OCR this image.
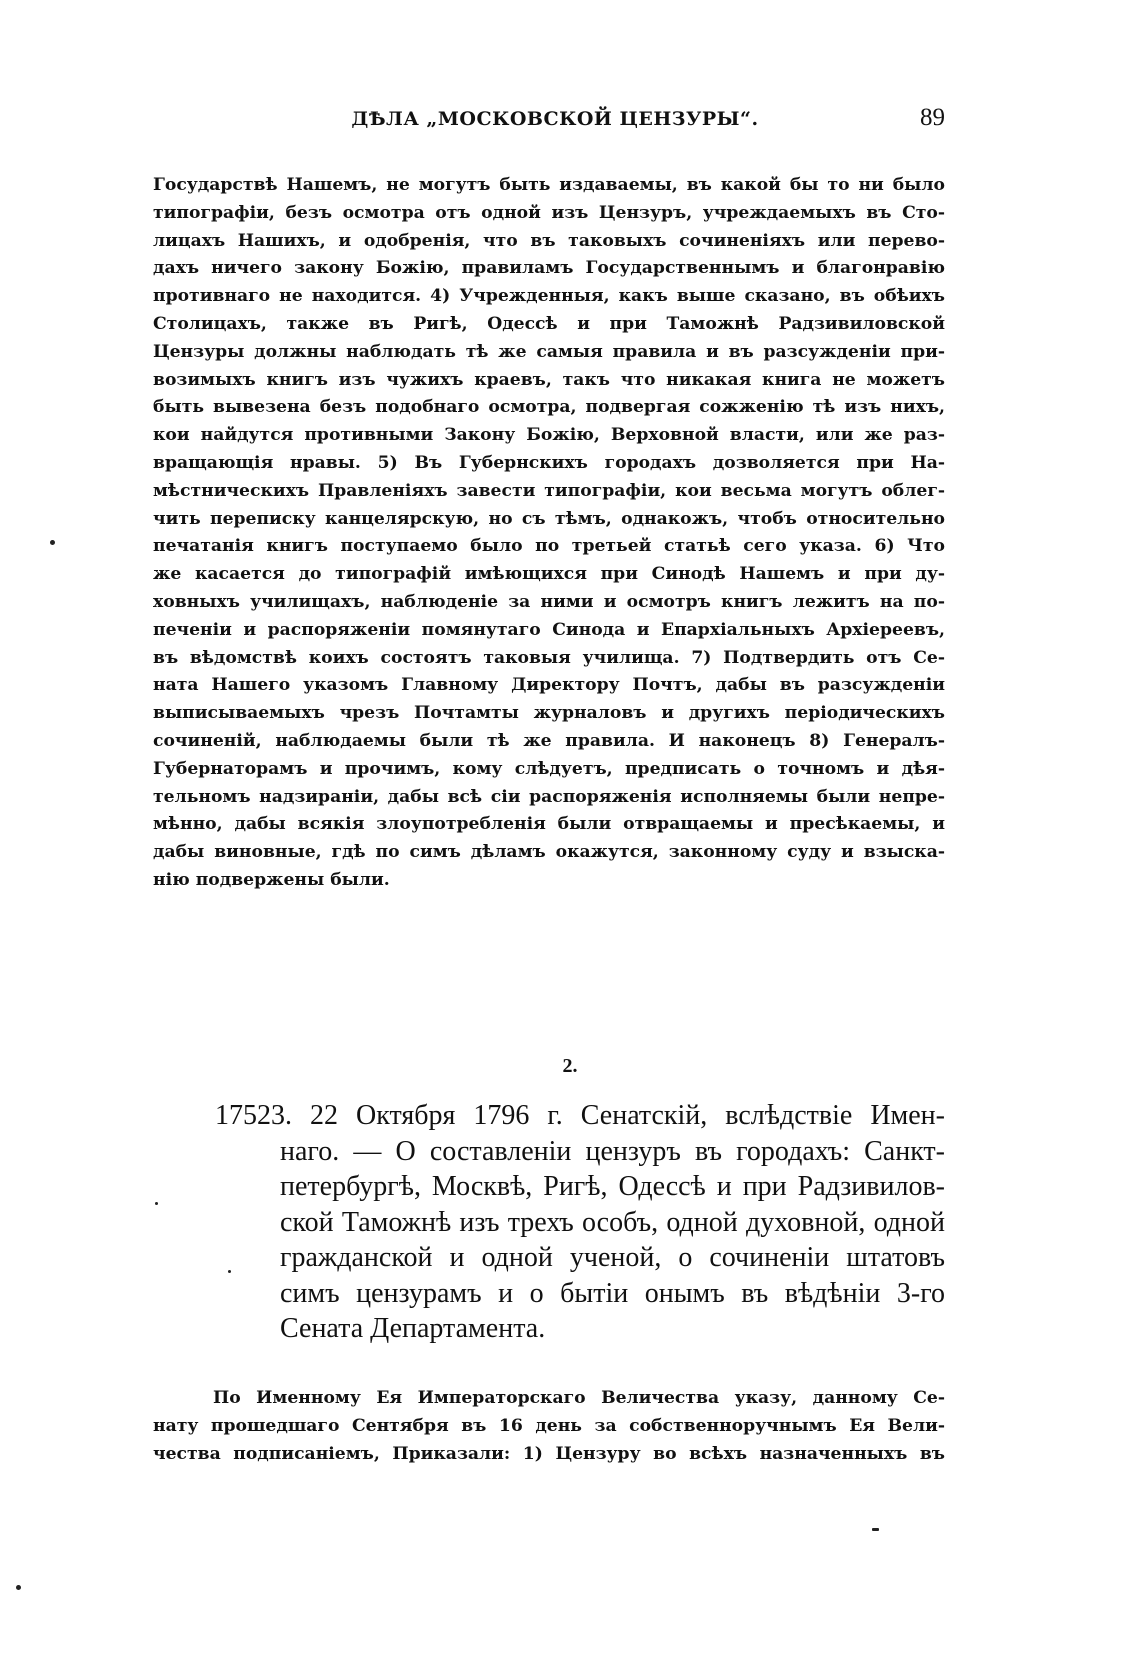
ДѢЛА „МОСКОВСКОЙ ЦЕНЗУРЫ“.	89
Государствѣ Нашемъ, не могутъ быть издаваемы, въ какой бы то ни было
типографіи, безъ осмотра отъ одной изъ Цензуръ, учреждаемыхъ въ Сто-
лицахъ Нашихъ, и одобренія, что въ таковыхъ сочиненіяхъ или перево-
дахъ ничего закону Божію, правиламъ Государственнымъ и благонравію
противнаго не находится. 4) Учрежденныя, какъ выше сказано, въ обѣихъ
Столицахъ, также въ Ригѣ, Одессѣ и при Таможнѣ Радзивиловской
Цензуры должны наблюдать тѣ же самыя правила и въ разсужденіи при-
возимыхъ книгъ изъ чужихъ краевъ, такъ что никакая книга не можетъ
быть вывезена безъ подобнаго осмотра, подвергая сожженію тѣ изъ нихъ,
кои найдутся противными Закону Божію, Верховной власти, или же раз-
вращающія нравы. 5) Въ Губернскихъ городахъ дозволяется при На-
мѣстническихъ Правленіяхъ завести типографіи, кои весьма могутъ облег-
чить переписку канцелярскую, но съ тѣмъ, однакожъ, чтобъ относительно
печатанія книгъ поступаемо было по третьей статьѣ сего указа. 6) Что
же касается до типографій имѣющихся при Синодѣ Нашемъ и при ду-
ховныхъ училищахъ, наблюденіе за ними и осмотръ книгъ лежитъ на по-
печеніи и распоряженіи помянутаго Синода и Епархіальныхъ Архіереевъ,
въ вѣдомствѣ коихъ состоятъ таковыя училища. 7) Подтвердить отъ Се-
ната Нашего указомъ Главному Директору Почтъ, дабы въ разсужденіи
выписываемыхъ чрезъ Почтамты журналовъ и другихъ періодическихъ
сочиненій, наблюдаемы были тѣ же правила. И наконецъ 8) Генералъ-
Губернаторамъ и прочимъ, кому слѣдуетъ, предписать о точномъ и дѣя-
тельномъ надзираніи, дабы всѣ сіи распоряженія исполняемы были непре-
мѣнно, дабы всякія злоупотребленія были отвращаемы и пресѣкаемы, и
дабы виновные, гдѣ по симъ дѣламъ окажутся, законному суду и взыска-
нію подвержены были.
2.
17523. 22 Октября 1796 г. Сенатскій, вслѣдствіе Имен-
наго. — О составленіи цензуръ въ городахъ: Санкт-
петербургѣ, Москвѣ, Ригѣ, Одессѣ и при Радзивилов-
ской Таможнѣ изъ трехъ особъ, одной духовной, одной
гражданской и одной ученой, о сочиненіи штатовъ
симъ цензурамъ и о бытіи онымъ въ вѣдѣніи 3-го
Сената Департамента.
По Именному Ея Императорскаго Величества указу, данному Се-
нату прошедшаго Сентября въ 16 день за собственноручнымъ Ея Вели-
чества подписаніемъ, Приказали: 1) Цензуру во всѣхъ назначенныхъ въ
